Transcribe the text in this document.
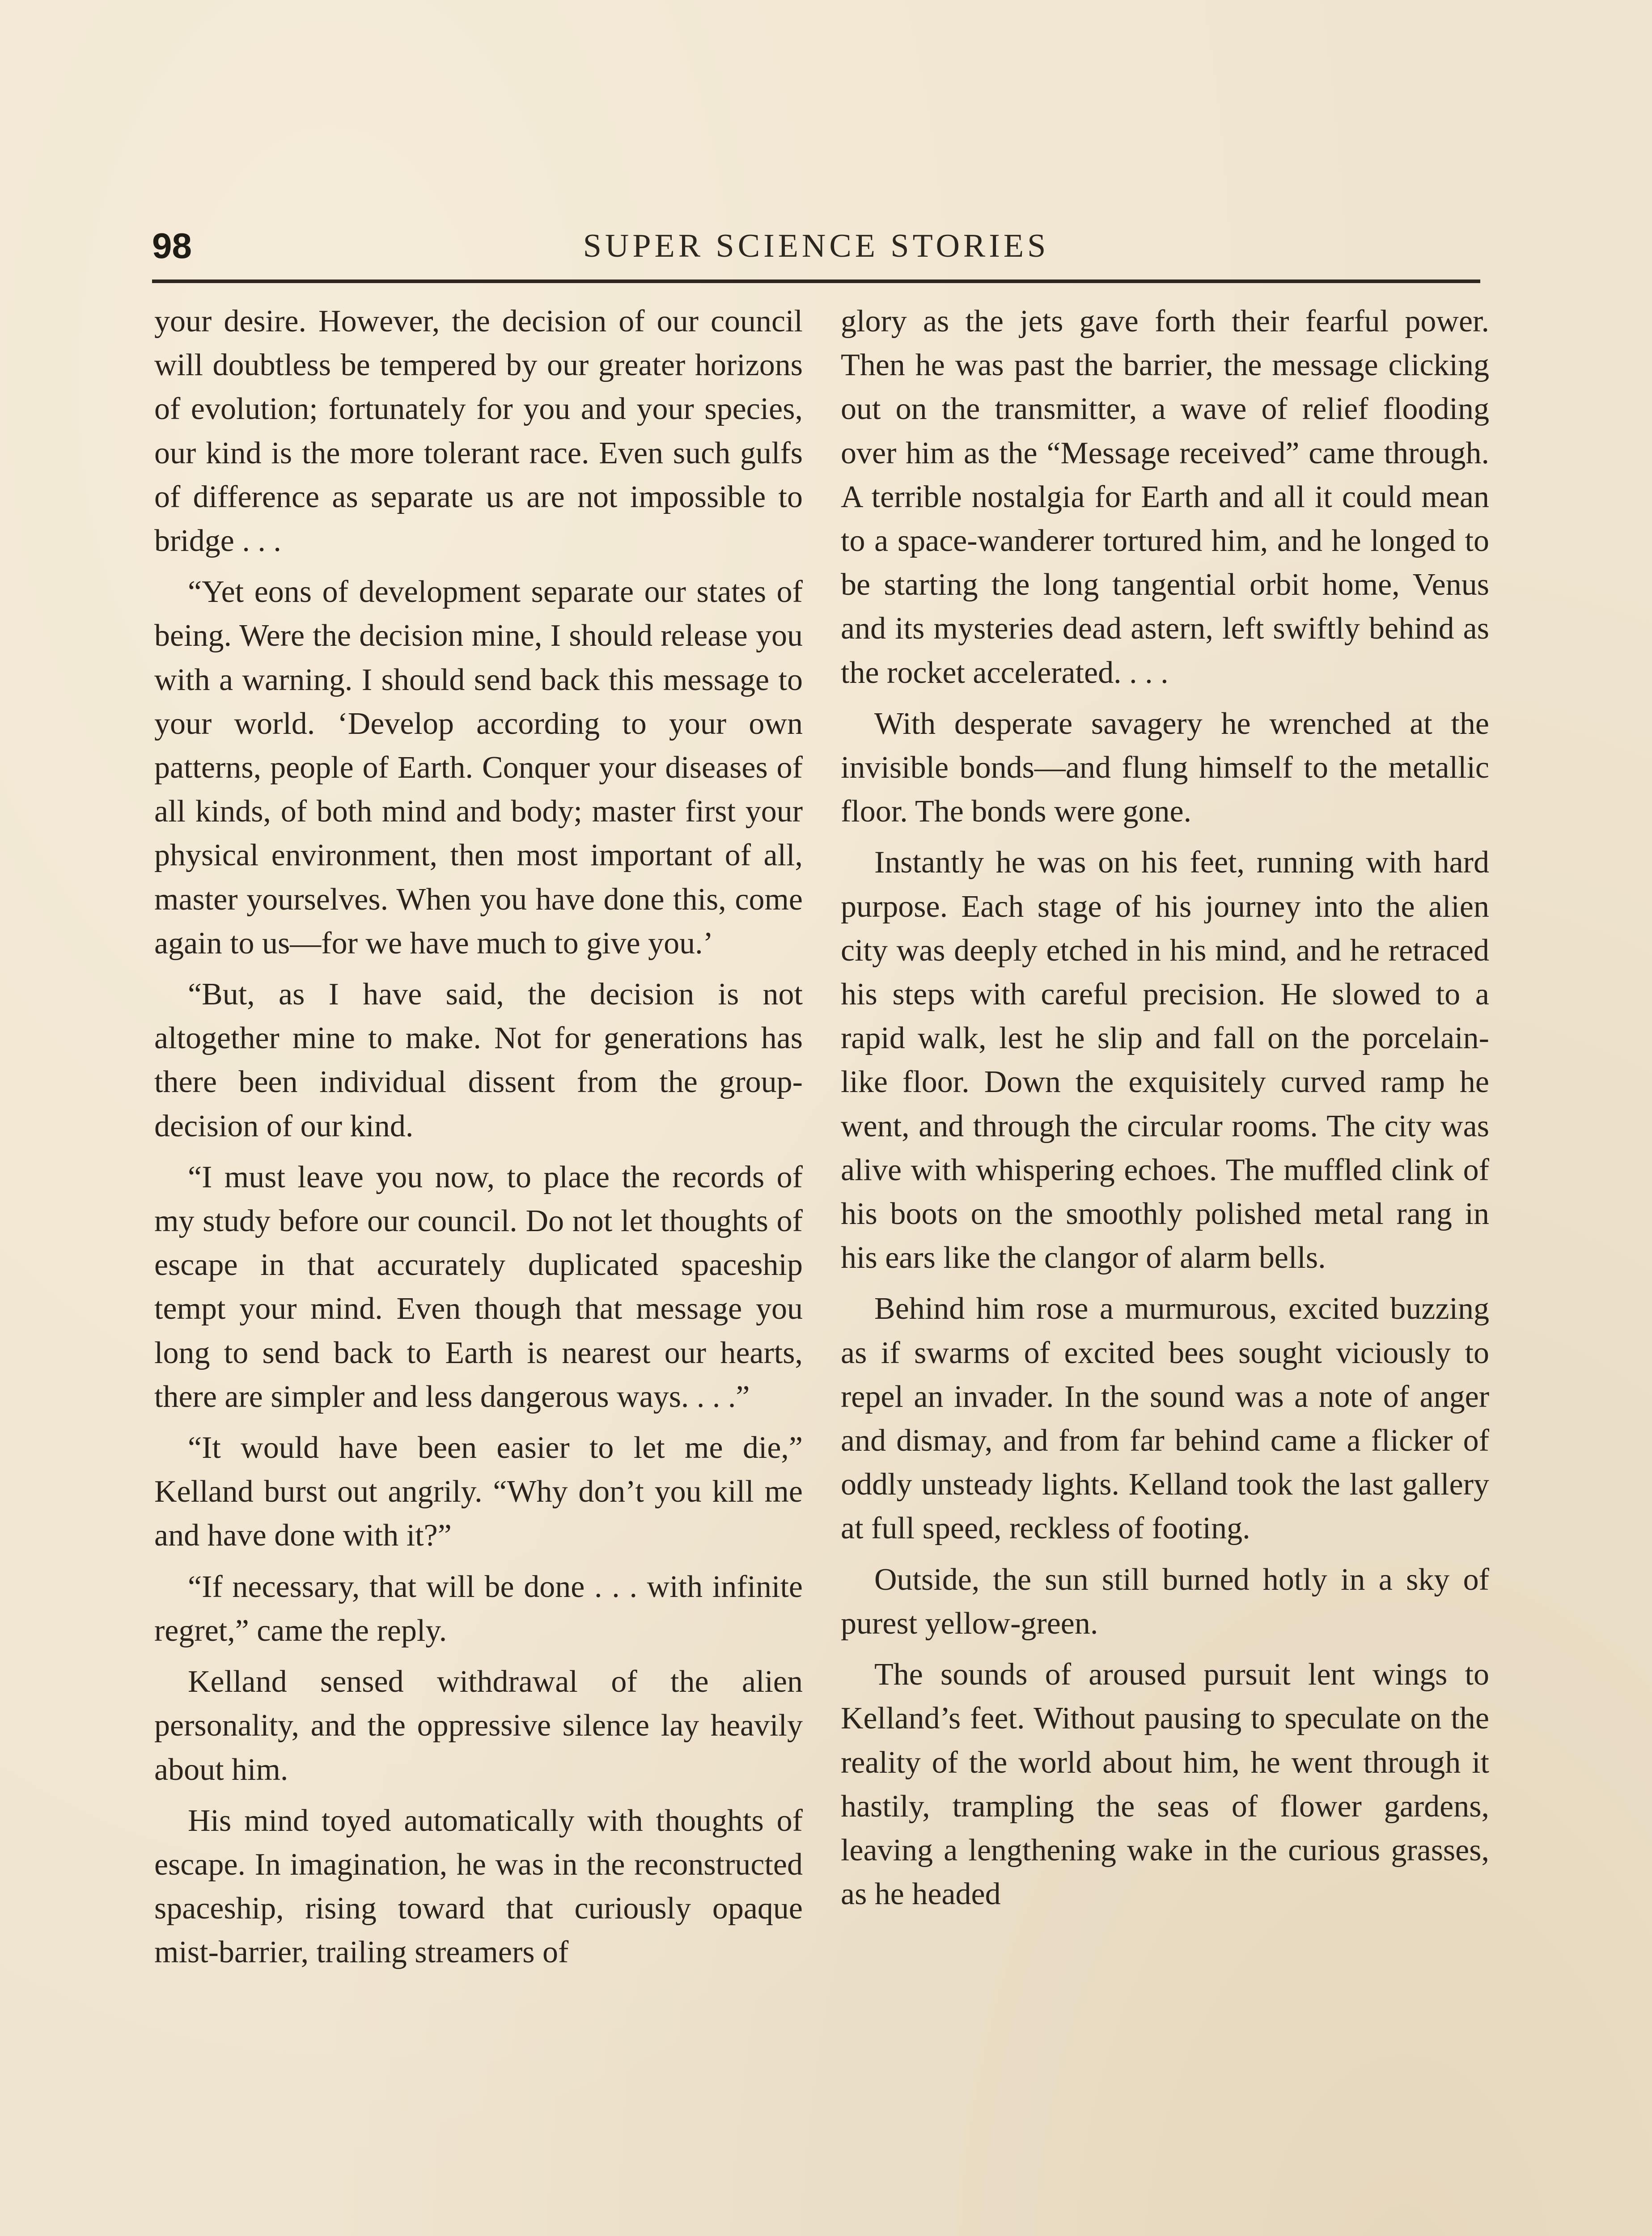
98	SUPER SCIENCE STORIES

your desire. However, the decision of our council will doubtless be tempered by our greater horizons of evolution; fortunately for you and your species, our kind is the more tolerant race. Even such gulfs of difference as separate us are not impossible to bridge . . .

“Yet eons of development separate our states of being. Were the decision mine, I should release you with a warning. I should send back this message to your world. ‘Develop according to your own patterns, people of Earth. Conquer your diseases of all kinds, of both mind and body; master first your physical environment, then most important of all, master yourselves. When you have done this, come again to us—for we have much to give you.’

“But, as I have said, the decision is not altogether mine to make. Not for generations has there been individual dissent from the group-decision of our kind.

“I must leave you now, to place the records of my study before our council. Do not let thoughts of escape in that accurately duplicated spaceship tempt your mind. Even though that message you long to send back to Earth is nearest our hearts, there are simpler and less dangerous ways. . . .”

“It would have been easier to let me die,” Kelland burst out angrily. “Why don’t you kill me and have done with it?”

“If necessary, that will be done . . . with infinite regret,” came the reply.

Kelland sensed withdrawal of the alien personality, and the oppressive silence lay heavily about him.

His mind toyed automatically with thoughts of escape. In imagination, he was in the reconstructed spaceship, rising toward that curiously opaque mist-barrier, trailing streamers of

glory as the jets gave forth their fearful power. Then he was past the barrier, the message clicking out on the transmitter, a wave of relief flooding over him as the “Message received” came through. A terrible nostalgia for Earth and all it could mean to a space-wanderer tortured him, and he longed to be starting the long tangential orbit home, Venus and its mysteries dead astern, left swiftly behind as the rocket accelerated. . . .

With desperate savagery he wrenched at the invisible bonds—and flung himself to the metallic floor. The bonds were gone.

Instantly he was on his feet, running with hard purpose. Each stage of his journey into the alien city was deeply etched in his mind, and he retraced his steps with careful precision. He slowed to a rapid walk, lest he slip and fall on the porcelain-like floor. Down the exquisitely curved ramp he went, and through the circular rooms. The city was alive with whispering echoes. The muffled clink of his boots on the smoothly polished metal rang in his ears like the clangor of alarm bells.

Behind him rose a murmurous, excited buzzing as if swarms of excited bees sought viciously to repel an invader. In the sound was a note of anger and dismay, and from far behind came a flicker of oddly unsteady lights. Kelland took the last gallery at full speed, reckless of footing.

Outside, the sun still burned hotly in a sky of purest yellow-green.

The sounds of aroused pursuit lent wings to Kelland’s feet. Without pausing to speculate on the reality of the world about him, he went through it hastily, trampling the seas of flower gardens, leaving a lengthening wake in the curious grasses, as he headed
